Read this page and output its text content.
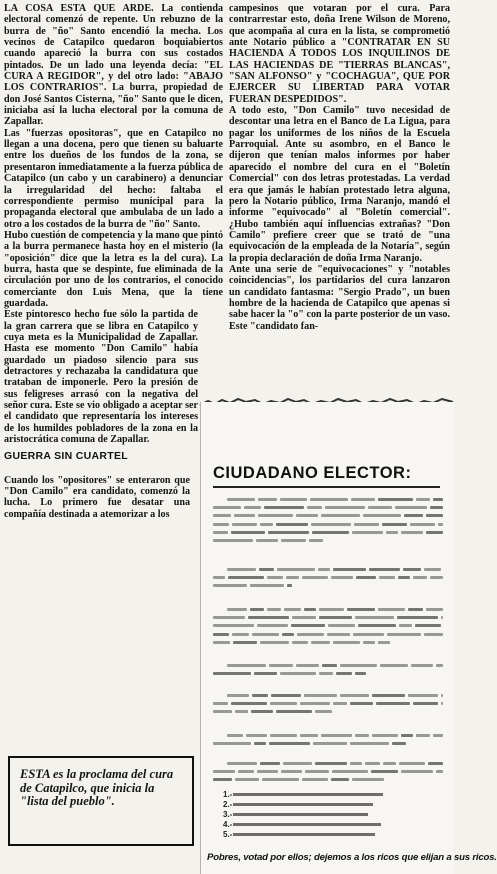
LA COSA ESTA QUE ARDE. La contienda electoral comenzó de repente. Un rebuzno de la burra de "ño" Santo encendió la mecha. Los vecinos de Catapilco quedaron boquiabiertos cuando apareció la burra con sus costados pintados. De un lado una leyenda decía: "EL CURA A REGIDOR", y del otro lado: "ABAJO LOS CONTRARIOS". La burra, propiedad de don José Santos Cisterna, "ño" Santo que le dicen, iniciaba así la lucha electoral por la comuna de Zapallar.

Las "fuerzas opositoras", que en Catapilco no llegan a una docena, pero que tienen su baluarte entre los dueños de los fundos de la zona, se presentaron inmediatamente a la fuerza pública de Catapilco (un cabo y un carabinero) a denunciar la irregularidad del hecho: faltaba el correspondiente permiso municipal para la propaganda electoral que ambulaba de un lado a otro a los costados de la burra de "ño" Santo.

Hubo cuestión de competencia y la mano que pintó a la burra permanece hasta hoy en el misterio (la "oposición" dice que la letra es la del cura). La burra, hasta que se despinte, fue eliminada de la circulación por uno de los contrarios, el conocido comerciante don Luis Mena, que la tiene guardada.

Este pintoresco hecho fue sólo la partida de la gran carrera que se libra en Catapilco y cuya meta es la Municipalidad de Zapallar. Hasta ese momento "Don Camilo" había guardado un piadoso silencio para sus detractores y rechazaba la candidatura que trataban de imponerle. Pero la presión de sus feligreses arrasó con la negativa del señor cura. Este se vio obligado a aceptar ser el candidato que representaría los intereses de los humildes pobladores de la zona en la aristocrática comuna de Zapallar.

GUERRA SIN CUARTEL

Cuando los "opositores" se enteraron que "Don Camilo" era candidato, comenzó la lucha. Lo primero fue desatar una compañía destinada a atemorizar a los

campesinos que votaran por el cura. Para contrarrestar esto, doña Irene Wilson de Moreno, que acompaña al cura en la lista, se comprometió ante Notario público a "CONTRATAR EN SU HACIENDA A TODOS LOS INQUILINOS DE LAS HACIENDAS DE "TIERRAS BLANCAS", "SAN ALFONSO" y "COCHAGUA", QUE POR EJERCER SU LIBERTAD PARA VOTAR FUERAN DESPEDIDOS".

A todo esto, "Don Camilo" tuvo necesidad de descontar una letra en el Banco de La Ligua, para pagar los uniformes de los niños de la Escuela Parroquial. Ante su asombro, en el Banco le dijeron que tenían malos informes por haber aparecido el nombre del cura en el "Boletín Comercial" con dos letras protestadas. La verdad era que jamás le habían protestado letra alguna, pero la Notario público, Irma Naranjo, mandó el informe "equivocado" al "Boletín comercial". ¿Hubo también aquí influencias extrañas? "Don Camilo" prefiere creer que se trató de "una equivocación de la empleada de la Notaría", según la propia declaración de doña Irma Naranjo.

Ante una serie de "equivocaciones" y "notables coincidencias", los partidarios del cura lanzaron un candidato fantasma: "Sergio Prado", un buen hombre de la hacienda de Catapilco que apenas si sabe hacer la "o" con la parte posterior de un vaso. Este "candidato fan-

ESTA es la proclama del cura de Catapilco, que inicia la "lista del pueblo".

CIUDADANO ELECTOR:
1.-
2.-
3.-
4.-
5.-

Pobres, votad por ellos; dejemos a los ricos que elijan a sus ricos.
